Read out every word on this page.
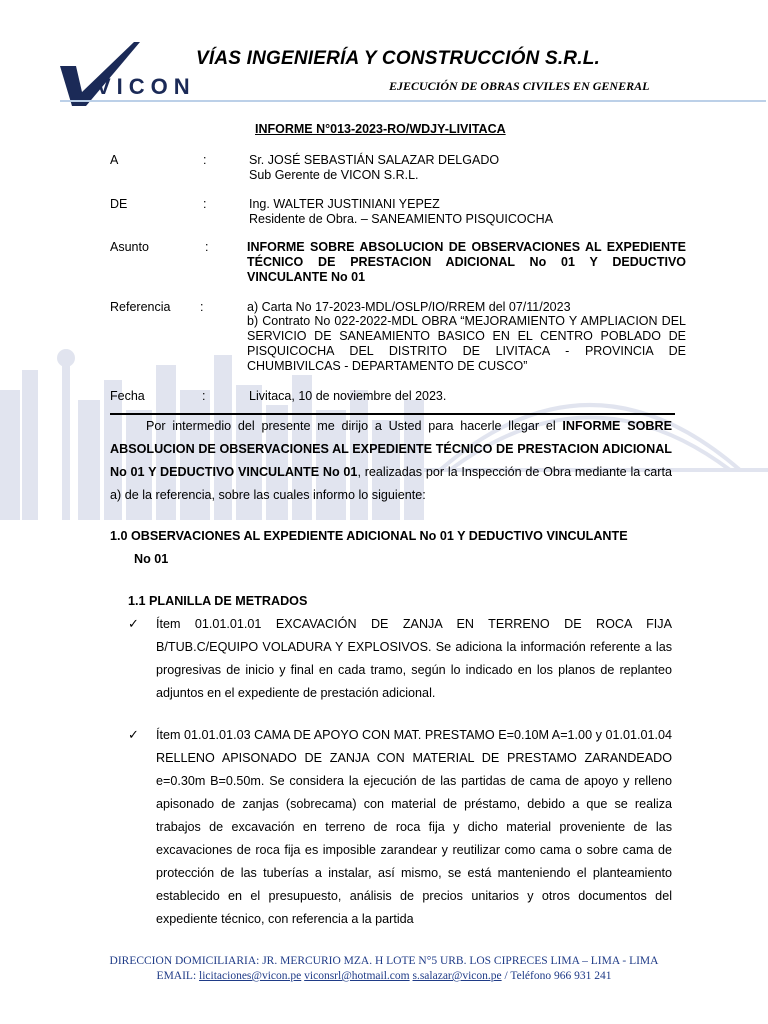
VICON
VÍAS INGENIERÍA Y CONSTRUCCIÓN S.R.L.
EJECUCIÓN DE OBRAS CIVILES EN GENERAL
INFORME N°013-2023-RO/WDJY-LIVITACA
A	:	Sr. JOSÉ SEBASTIÁN SALAZAR DELGADO
Sub Gerente de VICON S.R.L.
DE	:	Ing. WALTER JUSTINIANI YEPEZ
Residente de Obra. – SANEAMIENTO PISQUICOCHA
Asunto	:	INFORME SOBRE ABSOLUCION DE OBSERVACIONES AL EXPEDIENTE TÉCNICO DE PRESTACION ADICIONAL No 01 Y DEDUCTIVO VINCULANTE No 01
Referencia :	a) Carta No 17-2023-MDL/OSLP/IO/RREM del 07/11/2023
b) Contrato No 022-2022-MDL OBRA “MEJORAMIENTO Y AMPLIACION DEL SERVICIO DE SANEAMIENTO BASICO EN EL CENTRO POBLADO DE PISQUICOCHA DEL DISTRITO DE LIVITACA - PROVINCIA DE CHUMBIVILCAS - DEPARTAMENTO DE CUSCO”
Fecha	:	Livitaca, 10 de noviembre del 2023.
Por intermedio del presente me dirijo a Usted para hacerle llegar el INFORME SOBRE ABSOLUCION DE OBSERVACIONES AL EXPEDIENTE TÉCNICO DE PRESTACION ADICIONAL No 01 Y DEDUCTIVO VINCULANTE No 01, realizadas por la Inspección de Obra mediante la carta a) de la referencia, sobre las cuales informo lo siguiente:
1.0 OBSERVACIONES AL EXPEDIENTE ADICIONAL No 01 Y DEDUCTIVO VINCULANTE
No 01
1.1 PLANILLA DE METRADOS
✓ Ítem 01.01.01.01 EXCAVACIÓN DE ZANJA EN TERRENO DE ROCA FIJA B/TUB.C/EQUIPO VOLADURA Y EXPLOSIVOS. Se adiciona la información referente a las progresivas de inicio y final en cada tramo, según lo indicado en los planos de replanteo adjuntos en el expediente de prestación adicional.
✓ Ítem 01.01.01.03 CAMA DE APOYO CON MAT. PRESTAMO E=0.10M A=1.00 y 01.01.01.04 RELLENO APISONADO DE ZANJA CON MATERIAL DE PRESTAMO ZARANDEADO e=0.30m B=0.50m. Se considera la ejecución de las partidas de cama de apoyo y relleno apisonado de zanjas (sobrecama) con material de préstamo, debido a que se realiza trabajos de excavación en terreno de roca fija y dicho material proveniente de las excavaciones de roca fija es imposible zarandear y reutilizar como cama o sobre cama de protección de las tuberías a instalar, así mismo, se está manteniendo el planteamiento establecido en el presupuesto, análisis de precios unitarios y otros documentos del expediente técnico, con referencia a la partida
DIRECCION DOMICILIARIA: JR. MERCURIO MZA. H LOTE N°5 URB. LOS CIPRECES LIMA – LIMA - LIMA
EMAIL: licitaciones@vicon.pe viconsrl@hotmail.com s.salazar@vicon.pe / Teléfono 966 931 241
